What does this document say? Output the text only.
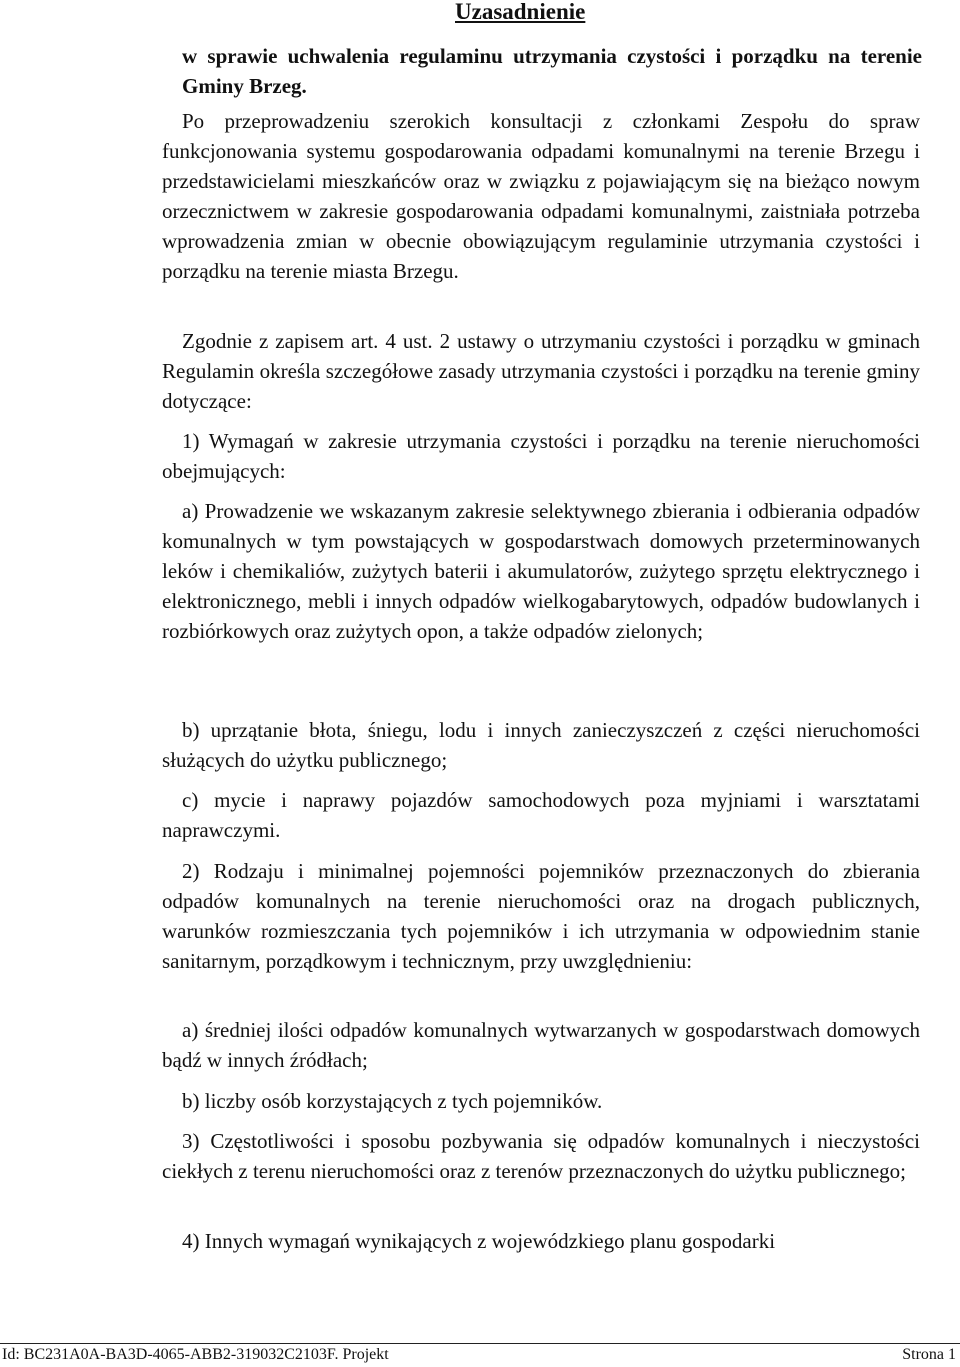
Uzasadnienie
w sprawie uchwalenia regulaminu utrzymania czystości i porządku na terenie Gminy Brzeg.

Po przeprowadzeniu szerokich konsultacji z członkami Zespołu do spraw funkcjonowania systemu gospodarowania odpadami komunalnymi na terenie Brzegu i przedstawicielami mieszkańców oraz w związku z pojawiającym się na bieżąco nowym orzecznictwem w zakresie gospodarowania odpadami komunalnymi, zaistniała potrzeba wprowadzenia zmian w obecnie obowiązującym regulaminie utrzymania czystości i porządku na terenie miasta Brzegu.

Zgodnie z zapisem art. 4 ust. 2 ustawy o utrzymaniu czystości i porządku w gminach Regulamin określa szczegółowe zasady utrzymania czystości i porządku na terenie gminy dotyczące:

1) Wymagań w zakresie utrzymania czystości i porządku na terenie nieruchomości obejmujących:

a) Prowadzenie we wskazanym zakresie selektywnego zbierania i odbierania odpadów komunalnych w tym powstających w gospodarstwach domowych przeterminowanych leków i chemikaliów, zużytych baterii i akumulatorów, zużytego sprzętu elektrycznego i elektronicznego, mebli i innych odpadów wielkogabarytowych, odpadów budowlanych i rozbiórkowych oraz zużytych opon, a także odpadów zielonych;

b) uprzątanie błota, śniegu, lodu i innych zanieczyszczeń z części nieruchomości służących do użytku publicznego;

c) mycie i naprawy pojazdów samochodowych poza myjniami i warsztatami naprawczymi.

2) Rodzaju i minimalnej pojemności pojemników przeznaczonych do zbierania odpadów komunalnych na terenie nieruchomości oraz na drogach publicznych, warunków rozmieszczania tych pojemników i ich utrzymania w odpowiednim stanie sanitarnym, porządkowym i technicznym, przy uwzględnieniu:

a) średniej ilości odpadów komunalnych wytwarzanych w gospodarstwach domowych bądź w innych źródłach;

b) liczby osób korzystających z tych pojemników.

3) Częstotliwości i sposobu pozbywania się odpadów komunalnych i nieczystości ciekłych z terenu nieruchomości oraz z terenów przeznaczonych do użytku publicznego;

4) Innych wymagań wynikających z wojewódzkiego planu gospodarki

Id: BC231A0A-BA3D-4065-ABB2-319032C2103F. Projekt	Strona 1
